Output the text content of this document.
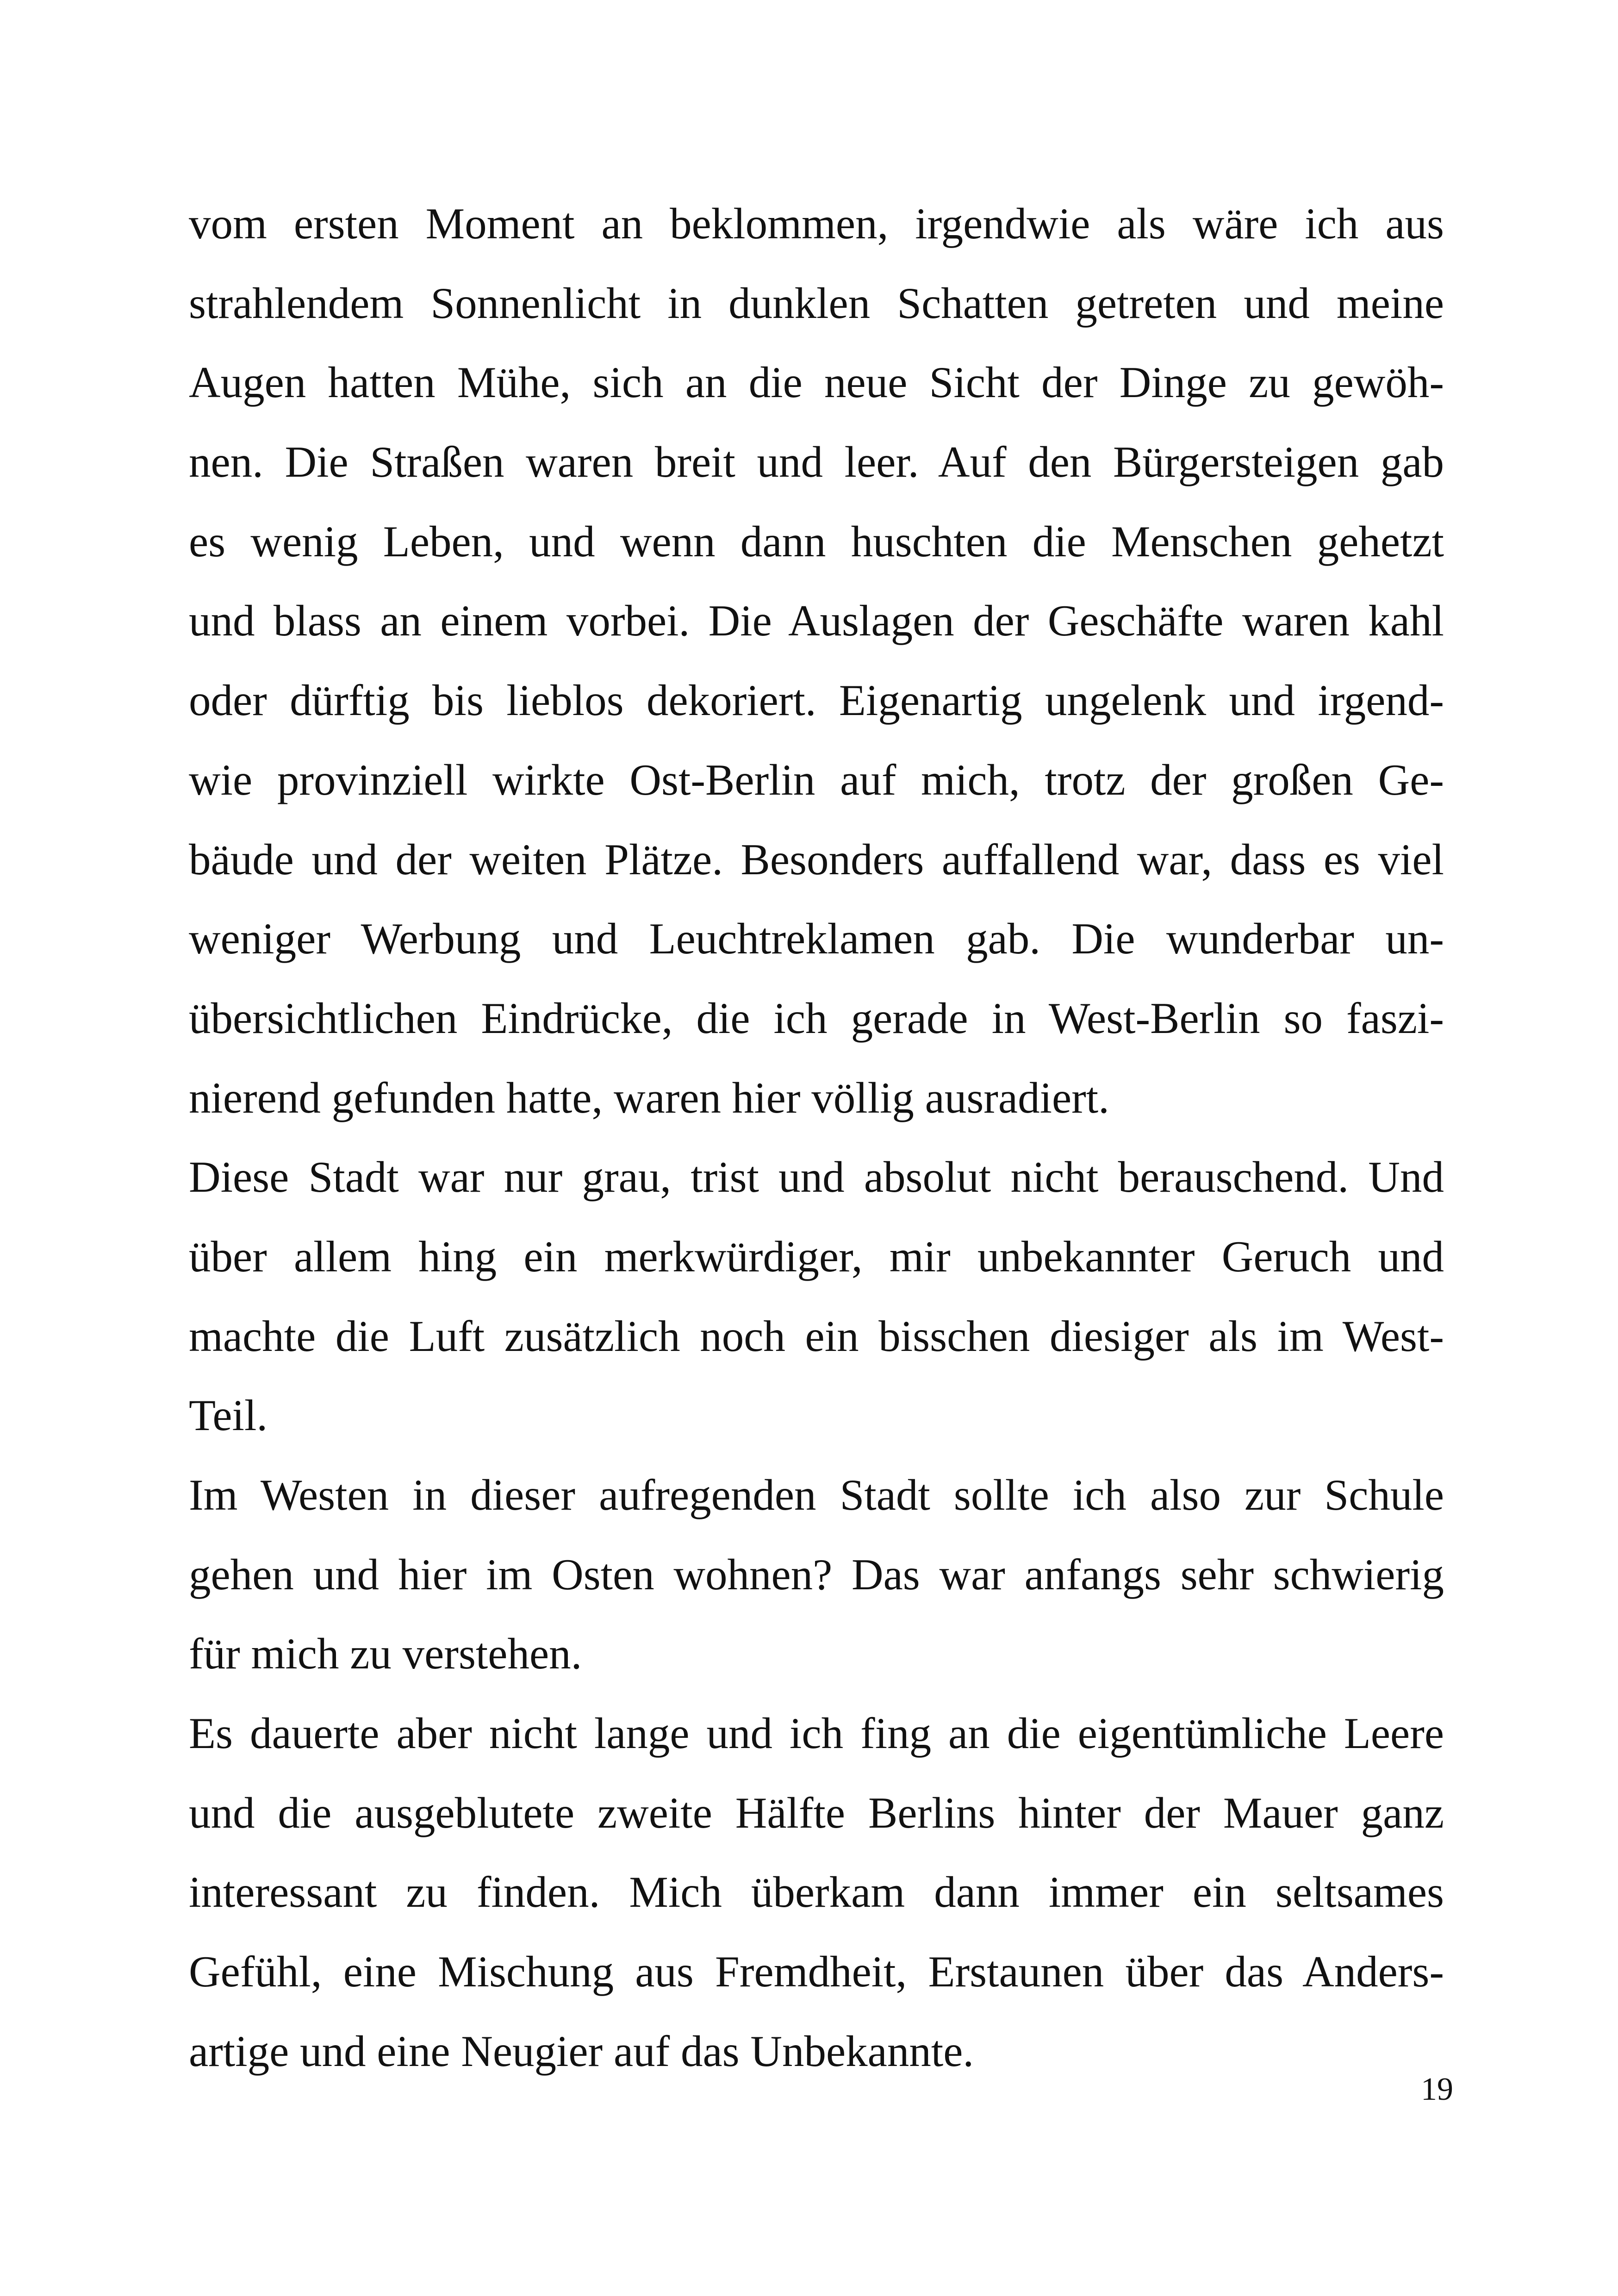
vom ersten Moment an beklommen, irgendwie als wäre ich aus
strahlendem Sonnenlicht in dunklen Schatten getreten und meine
Augen hatten Mühe, sich an die neue Sicht der Dinge zu gewöh-
nen. Die Straßen waren breit und leer. Auf den Bürgersteigen gab
es wenig Leben, und wenn dann huschten die Menschen gehetzt
und blass an einem vorbei. Die Auslagen der Geschäfte waren kahl
oder dürftig bis lieblos dekoriert. Eigenartig ungelenk und irgend-
wie provinziell wirkte Ost-Berlin auf mich, trotz der großen Ge-
bäude und der weiten Plätze. Besonders auffallend war, dass es viel
weniger Werbung und Leuchtreklamen gab. Die wunderbar un-
übersichtlichen Eindrücke, die ich gerade in West-Berlin so faszi-
nierend gefunden hatte, waren hier völlig ausradiert.
Diese Stadt war nur grau, trist und absolut nicht berauschend. Und
über allem hing ein merkwürdiger, mir unbekannter Geruch und
machte die Luft zusätzlich noch ein bisschen diesiger als im West-
Teil.
Im Westen in dieser aufregenden Stadt sollte ich also zur Schule
gehen und hier im Osten wohnen? Das war anfangs sehr schwierig
für mich zu verstehen.
Es dauerte aber nicht lange und ich fing an die eigentümliche Leere
und die ausgeblutete zweite Hälfte Berlins hinter der Mauer ganz
interessant zu finden. Mich überkam dann immer ein seltsames
Gefühl, eine Mischung aus Fremdheit, Erstaunen über das Anders-
artige und eine Neugier auf das Unbekannte.
19
